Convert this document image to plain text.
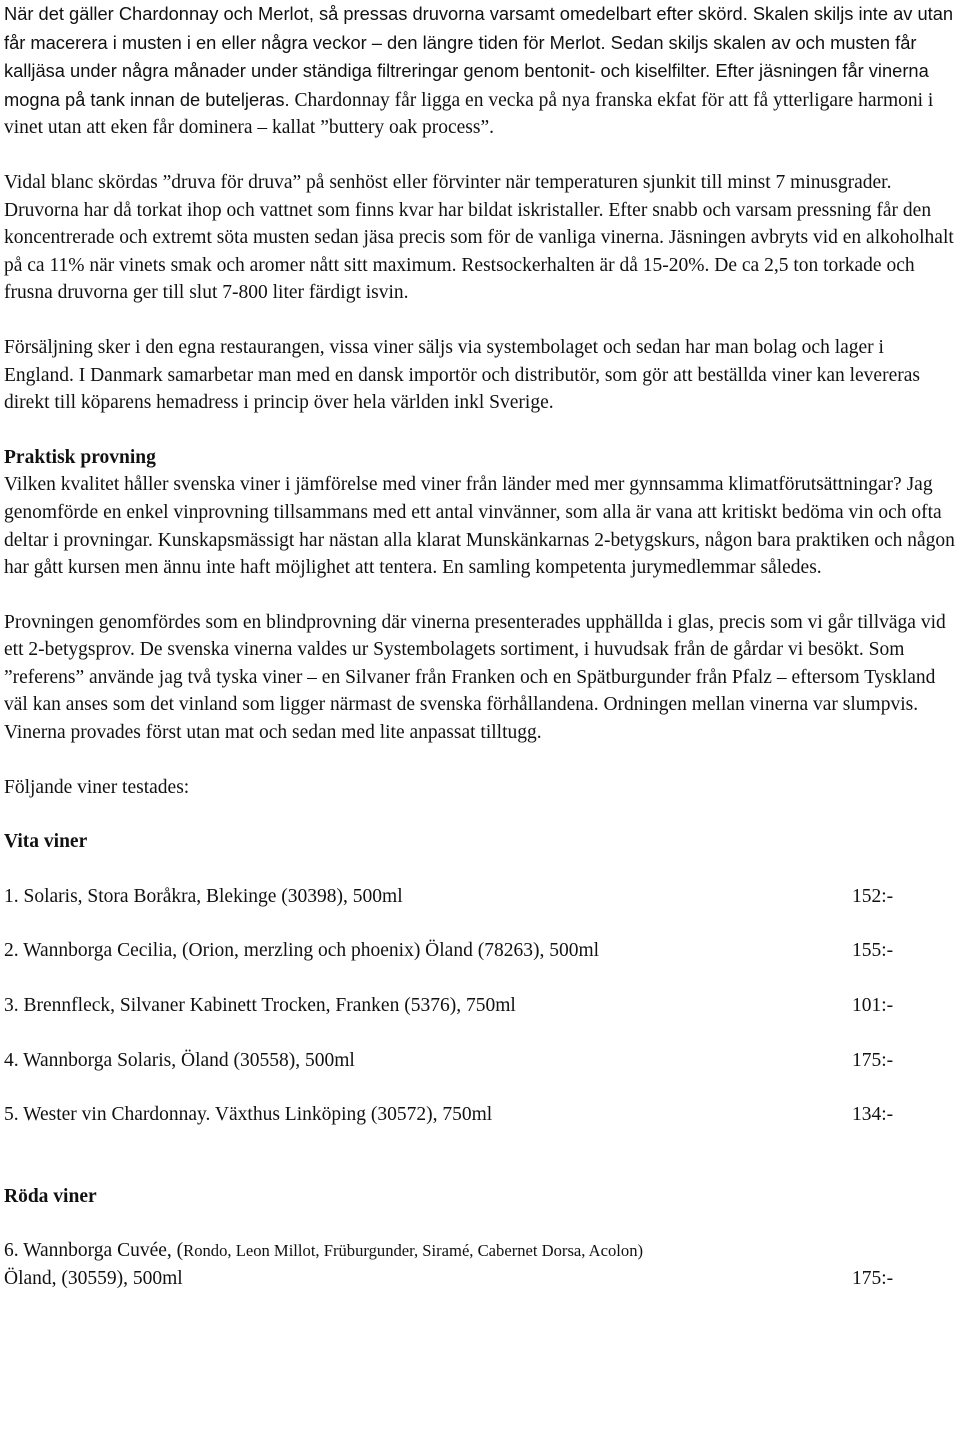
När det gäller Chardonnay och Merlot, så pressas druvorna varsamt omedelbart efter skörd. Skalen skiljs inte av utan får macerera i musten i en eller några veckor – den längre tiden för Merlot. Sedan skiljs skalen av och musten får kalljäsa under några månader under ständiga filtreringar genom bentonit- och kiselfilter. Efter jäsningen får vinerna mogna på tank innan de buteljeras. Chardonnay får ligga en vecka på nya franska ekfat för att få ytterligare harmoni i vinet utan att eken får dominera – kallat ”buttery oak process”.

Vidal blanc skördas ”druva för druva” på senhöst eller förvinter när temperaturen sjunkit till minst 7 minusgrader. Druvorna har då torkat ihop och vattnet som finns kvar har bildat iskristaller. Efter snabb och varsam pressning får den koncentrerade och extremt söta musten sedan jäsa precis som för de vanliga vinerna. Jäsningen avbryts vid en alkoholhalt på ca 11% när vinets smak och aromer nått sitt maximum. Restsockerhalten är då 15-20%. De ca 2,5 ton torkade och frusna druvorna ger till slut 7-800 liter färdigt isvin.

Försäljning sker i den egna restaurangen, vissa viner säljs via systembolaget och sedan har man bolag och lager i England. I Danmark samarbetar man med en dansk importör och distributör, som gör att beställda viner kan levereras direkt till köparens hemadress i princip över hela världen inkl Sverige.

Praktisk provning

Vilken kvalitet håller svenska viner i jämförelse med viner från länder med mer gynnsamma klimatförutsättningar? Jag genomförde en enkel vinprovning tillsammans med ett antal vinvänner, som alla är vana att kritiskt bedöma vin och ofta deltar i provningar. Kunskapsmässigt har nästan alla klarat Munskänkarnas 2-betygskurs, någon bara praktiken och någon har gått kursen men ännu inte haft möjlighet att tentera. En samling kompetenta jurymedlemmar således.

Provningen genomfördes som en blindprovning där vinerna presenterades upphällda i glas, precis som vi går tillväga vid ett 2-betygsprov. De svenska vinerna valdes ur Systembolagets sortiment, i huvudsak från de gårdar vi besökt. Som ”referens” använde jag två tyska viner – en Silvaner från Franken och en Spätburgunder från Pfalz – eftersom Tyskland väl kan anses som det vinland som ligger närmast de svenska förhållandena. Ordningen mellan vinerna var slumpvis. Vinerna provades först utan mat och sedan med lite anpassat tilltugg.

Följande viner testades:

Vita viner

1. Solaris, Stora Boråkra, Blekinge (30398), 500ml	152:-
2. Wannborga Cecilia, (Orion, merzling och phoenix) Öland (78263), 500ml	155:-
3. Brennfleck, Silvaner Kabinett Trocken, Franken (5376), 750ml	101:-
4. Wannborga Solaris, Öland (30558), 500ml	175:-
5. Wester vin Chardonnay. Växthus Linköping (30572), 750ml	134:-

Röda viner

6. Wannborga Cuvée, (Rondo, Leon Millot, Früburgunder, Siramé, Cabernet Dorsa, Acolon)

Öland, (30559), 500ml	175:-
